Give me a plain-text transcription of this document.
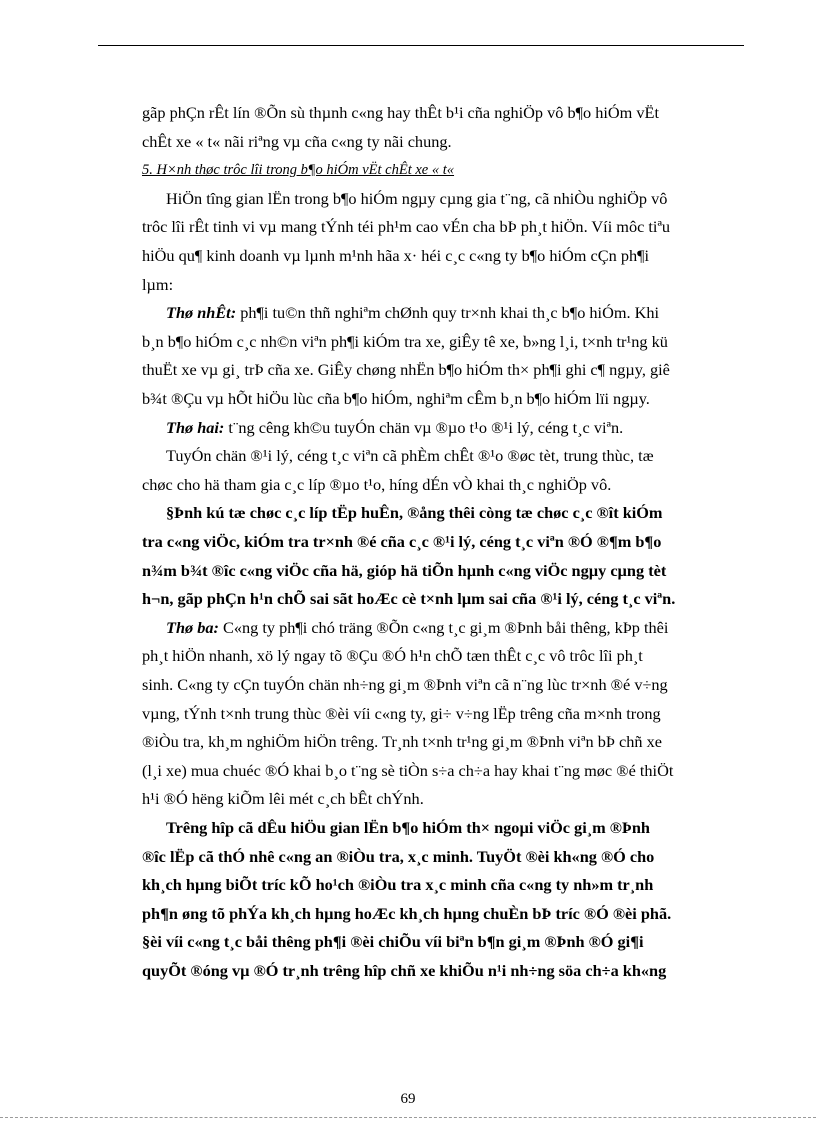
gãp phÇn rÊt lín ®Õn sù thµnh c«ng hay thÊt b¹i cña nghiÖp vô b¶o hiÓm vËt
chÊt xe « t« nãi riªng vµ cña c«ng ty nãi chung.
5. H×nh thøc trôc lîi trong b¶o hiÓm vËt chÊt xe « t«
HiÖn tîng gian lËn trong b¶o hiÓm ngµy cµng gia t¨ng, cã nhiÒu nghiÖp vô
trôc lîi rÊt tinh vi vµ mang tÝnh téi ph¹m cao vÉn cha bÞ ph¸t hiÖn. Víi môc tiªu
hiÖu qu¶ kinh doanh vµ lµnh m¹nh hãa x· héi c¸c c«ng ty b¶o hiÓm cÇn ph¶i
lµm:
Thø nhÊt: ph¶i tu©n thñ nghiªm chØnh quy tr×nh khai th¸c b¶o hiÓm. Khi
b¸n b¶o hiÓm c¸c nh©n viªn ph¶i kiÓm tra xe, giÊy tê xe, b»ng l¸i, t×nh tr¹ng kü
thuËt xe vµ gi¸ trÞ cña xe. GiÊy chøng nhËn b¶o hiÓm th× ph¶i ghi c¶ ngµy, giê
b¾t ®Çu vµ hÕt hiÖu lùc cña b¶o hiÓm, nghiªm cÊm b¸n b¶o hiÓm lïi ngµy.
Thø hai: t¨ng cêng kh©u tuyÓn chän vµ ®µo t¹o ®¹i lý, céng t¸c viªn.
TuyÓn chän ®¹i lý, céng t¸c viªn cã phÈm chÊt ®¹o ®øc tèt, trung thùc, tæ
chøc cho hä tham gia c¸c líp ®µo t¹o, híng dÉn vÒ khai th¸c nghiÖp vô.
§Þnh kú tæ chøc c¸c líp tËp huÊn, ®ång thêi còng tæ chøc c¸c ®ît kiÓm
tra c«ng viÖc, kiÓm tra tr×nh ®é cña c¸c ®¹i lý, céng t¸c viªn ®Ó ®¶m b¶o
n¾m b¾t ®îc c«ng viÖc cña hä, gióp hä tiÕn hµnh c«ng viÖc ngµy cµng tèt
h¬n, gãp phÇn h¹n chÕ sai sãt hoÆc cè t×nh lµm sai cña ®¹i lý, céng t¸c viªn.
Thø ba: C«ng ty ph¶i chó träng ®Õn c«ng t¸c gi¸m ®Þnh båi thêng, kÞp thêi
ph¸t hiÖn nhanh, xö lý ngay tõ ®Çu ®Ó h¹n chÕ tæn thÊt c¸c vô trôc lîi ph¸t
sinh. C«ng ty cÇn tuyÓn chän nh÷ng gi¸m ®Þnh viªn cã n¨ng lùc tr×nh ®é v÷ng
vµng, tÝnh t×nh trung thùc ®èi víi c«ng ty, gi÷ v÷ng lËp trêng cña m×nh trong
®iÒu tra, kh¸m nghiÖm hiÖn trêng. Tr¸nh t×nh tr¹ng gi¸m ®Þnh viªn bÞ chñ xe
(l¸i xe) mua chuéc ®Ó khai b¸o t¨ng sè tiÒn s÷a ch÷a hay khai t¨ng møc ®é thiÖt
h¹i ®Ó hëng kiÕm lêi mét c¸ch bÊt chÝnh.
Trêng hîp cã dÊu hiÖu gian lËn b¶o hiÓm th× ngoµi viÖc gi¸m ®Þnh
®îc lËp cã thÓ nhê c«ng an ®iÒu tra, x¸c minh. TuyÖt ®èi kh«ng ®Ó cho
kh¸ch hµng biÕt tríc kÕ ho¹ch ®iÒu tra x¸c minh cña c«ng ty nh»m tr¸nh
ph¶n øng tõ phÝa kh¸ch hµng hoÆc kh¸ch hµng chuÈn bÞ tríc ®Ó ®èi phã.
§èi víi c«ng t¸c båi thêng ph¶i ®èi chiÕu víi biªn b¶n gi¸m ®Þnh ®Ó gi¶i
quyÕt ®óng vµ ®Ó tr¸nh trêng hîp chñ xe khiÕu n¹i nh÷ng söa ch÷a kh«ng
69
